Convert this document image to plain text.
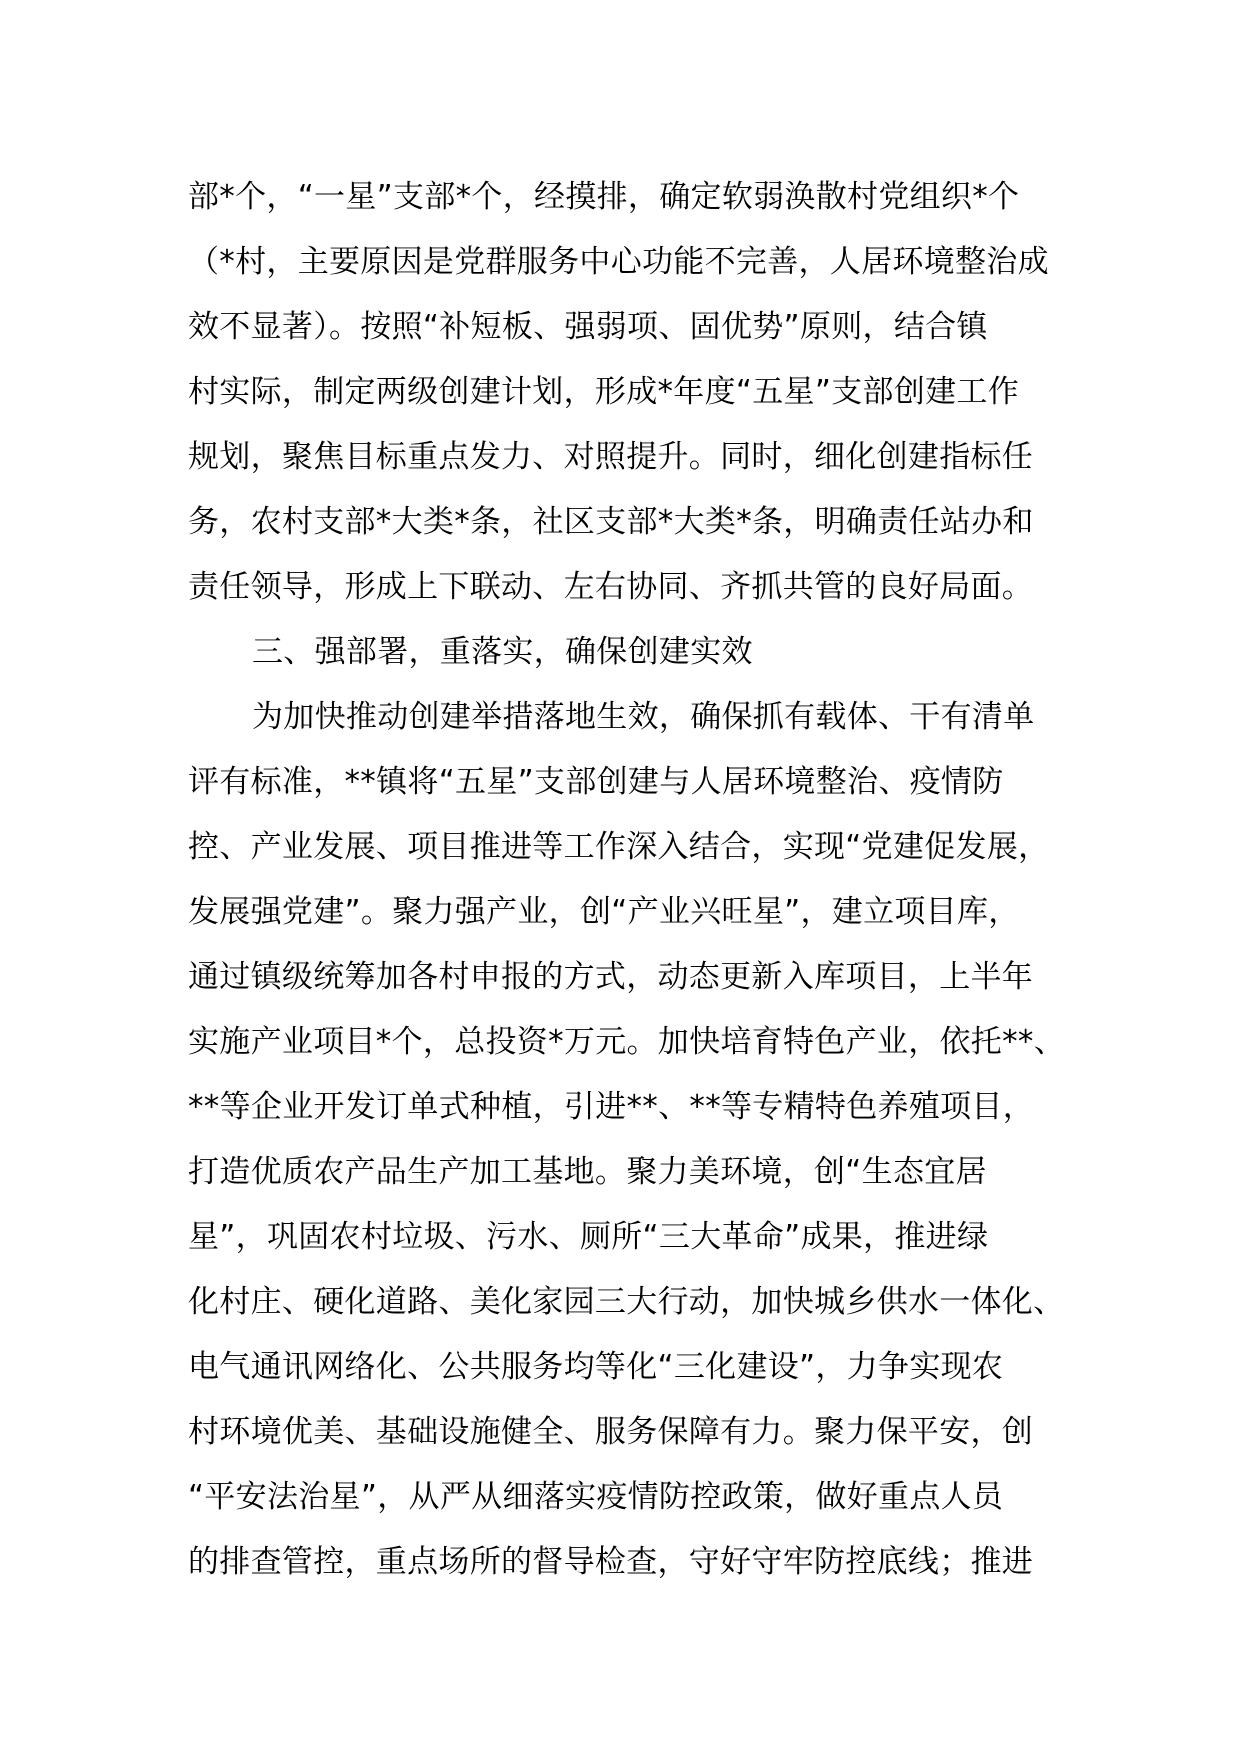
部*个，“一星”支部*个，经摸排，确定软弱涣散村党组织*个
（*村，主要原因是党群服务中心功能不完善，人居环境整治成
效不显著）。按照“补短板、强弱项、固优势”原则，结合镇
村实际，制定两级创建计划，形成*年度“五星”支部创建工作
规划，聚焦目标重点发力、对照提升。同时，细化创建指标任
务，农村支部*大类*条，社区支部*大类*条，明确责任站办和
责任领导，形成上下联动、左右协同、齐抓共管的良好局面。
三、强部署，重落实，确保创建实效
为加快推动创建举措落地生效，确保抓有载体、干有清单
评有标准，**镇将“五星”支部创建与人居环境整治、疫情防
控、产业发展、项目推进等工作深入结合，实现“党建促发展，
发展强党建”。聚力强产业，创“产业兴旺星”，建立项目库，
通过镇级统筹加各村申报的方式，动态更新入库项目，上半年
实施产业项目*个，总投资*万元。加快培育特色产业，依托**、
**等企业开发订单式种植，引进**、**等专精特色养殖项目，
打造优质农产品生产加工基地。聚力美环境，创“生态宜居
星”，巩固农村垃圾、污水、厕所“三大革命”成果，推进绿
化村庄、硬化道路、美化家园三大行动，加快城乡供水一体化、
电气通讯网络化、公共服务均等化“三化建设”，力争实现农
村环境优美、基础设施健全、服务保障有力。聚力保平安，创
“平安法治星”，从严从细落实疫情防控政策，做好重点人员
的排查管控，重点场所的督导检查，守好守牢防控底线；推进
